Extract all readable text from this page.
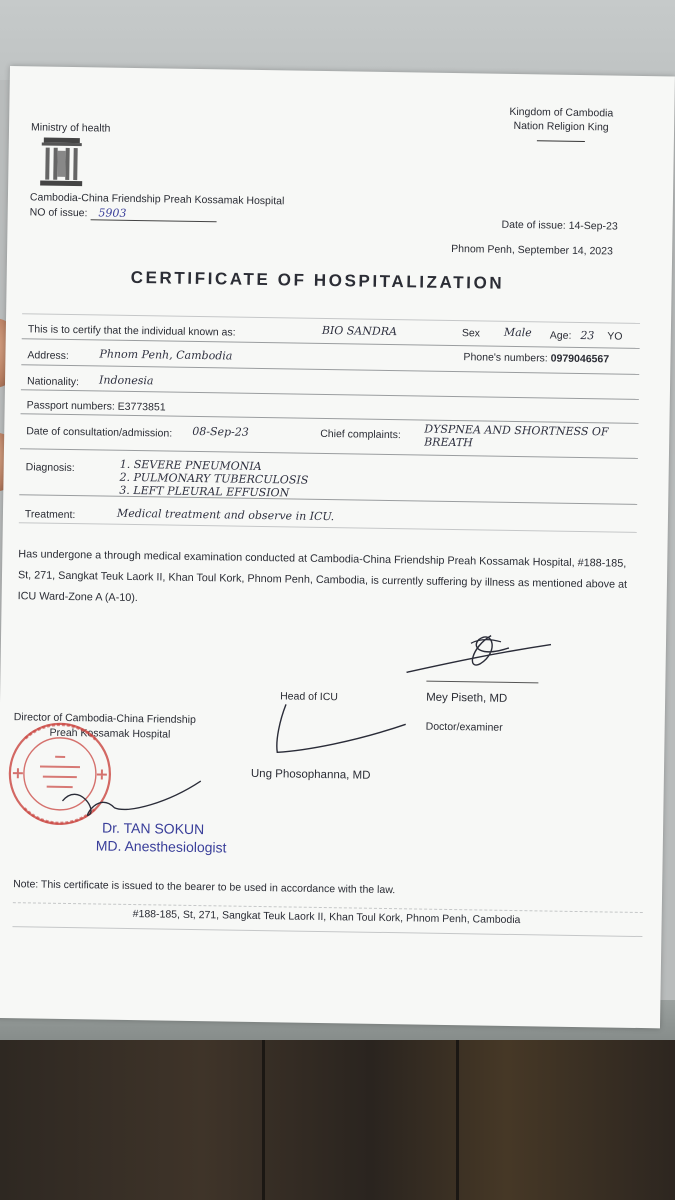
Ministry of health
Kingdom of Cambodia
Nation Religion King
Cambodia-China Friendship Preah Kossamak Hospital
NO of issue: 5903
Date of issue: 14-Sep-23
Phnom Penh, September 14, 2023
CERTIFICATE OF HOSPITALIZATION
This is to certify that the individual known as:	BIO SANDRA	Sex Male Age: 23 YO
Address:	Phnom Penh, Cambodia	Phone's numbers: 0979046567
Nationality: Indonesia
Passport numbers: E3773851
Date of consultation/admission: 08-Sep-23	Chief complaints: DYSPNEA AND SHORTNESS OF
BREATH
Diagnosis:	1. SEVERE PNEUMONIA
2. PULMONARY TUBERCULOSIS
3. LEFT PLEURAL EFFUSION
Treatment:	Medical treatment and observe in ICU.
Has undergone a through medical examination conducted at Cambodia-China Friendship Preah Kossamak Hospital, #188-185, St, 271, Sangkat Teuk Laork II, Khan Toul Kork, Phnom Penh, Cambodia, is currently suffering by illness as mentioned above at ICU Ward-Zone A (A-10).
Mey Piseth, MD
Doctor/examiner
Head of ICU
Ung Phosophanna, MD
Director of Cambodia-China Friendship
Preah Kossamak Hospital
Dr. TAN SOKUN
MD. Anesthesiologist
Note: This certificate is issued to the bearer to be used in accordance with the law.
#188-185, St, 271, Sangkat Teuk Laork II, Khan Toul Kork, Phnom Penh, Cambodia
